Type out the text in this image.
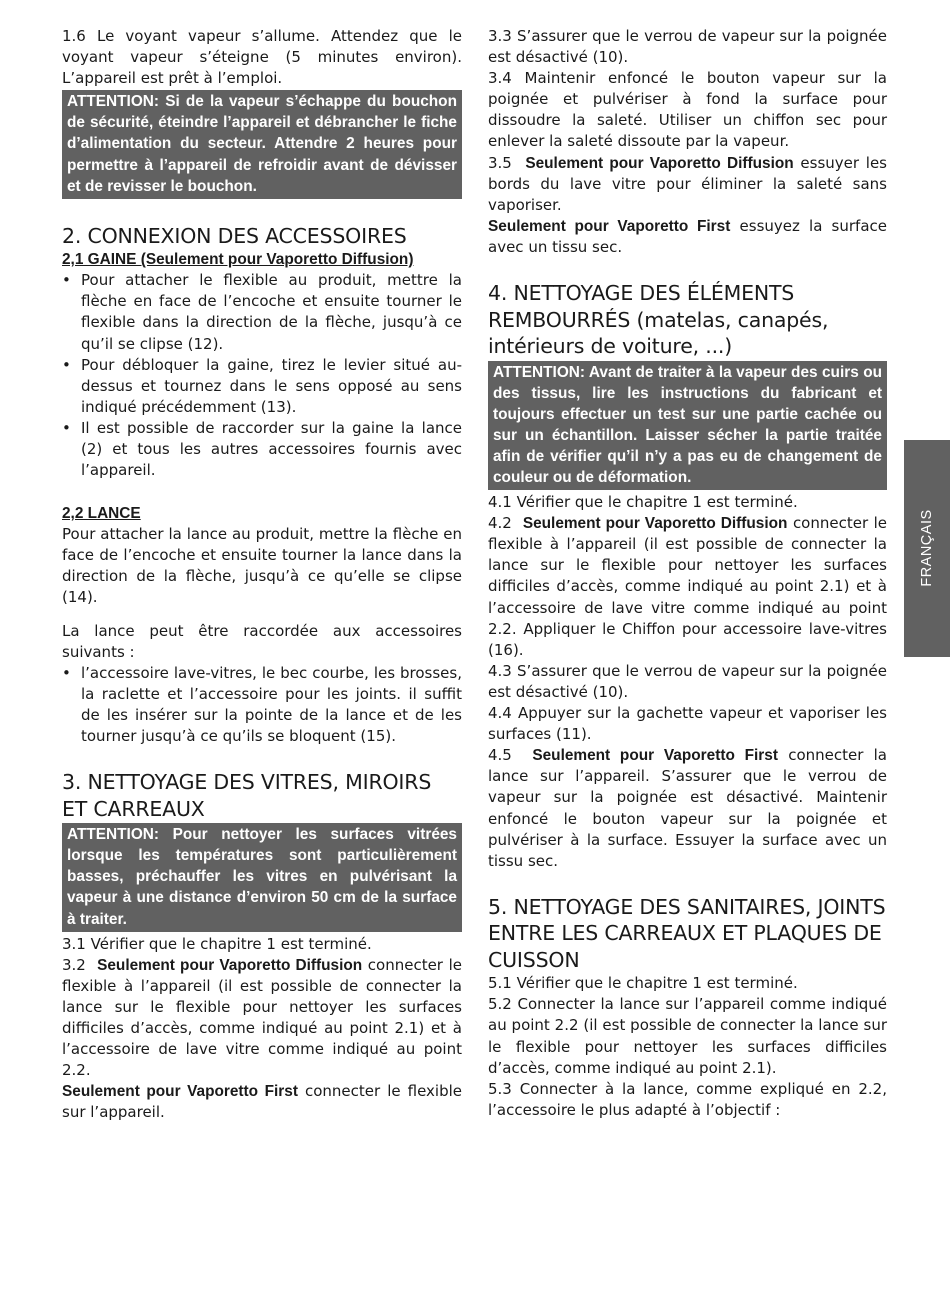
FRANÇAIS

1.6 Le voyant vapeur s’allume. Attendez que le voyant vapeur s’éteigne (5 minutes environ). L’appareil est prêt à l’emploi.

ATTENTION: Si de la vapeur s’échappe du bouchon de sécurité, éteindre l’appareil et débrancher le fiche d’alimentation du secteur. Attendre 2 heures pour permettre à l’appareil de refroidir avant de dévisser et de revisser le bouchon.
2. CONNEXION DES ACCESSOIRES
2,1 GAINE (Seulement pour Vaporetto Diffusion)
• Pour attacher le flexible au produit, mettre la flèche en face de l’encoche et ensuite tourner le flexible dans la direction de la flèche, jusqu’à ce qu’il se clipse (12).
• Pour débloquer la gaine, tirez le levier situé au-dessus et tournez dans le sens opposé au sens indiqué précédemment (13).
• Il est possible de raccorder sur la gaine la lance (2) et tous les autres accessoires fournis avec l’appareil.
2,2 LANCE

Pour attacher la lance au produit, mettre la flèche en face de l’encoche et ensuite tourner la lance dans la direction de la flèche, jusqu’à ce qu’elle se clipse (14).

La lance peut être raccordée aux accessoires suivants :

• l’accessoire lave-vitres, le bec courbe, les brosses, la raclette et l’accessoire pour les joints. il suffit de les insérer sur la pointe de la lance et de les tourner jusqu’à ce qu’ils se bloquent (15).
3. NETTOYAGE DES VITRES, MIROIRS ET CARREAUX
ATTENTION: Pour nettoyer les surfaces vitrées lorsque les températures sont particulièrement basses, préchauffer les vitres en pulvérisant la vapeur à une distance d’environ 50 cm de la surface à traiter.

3.1 Vérifier que le chapitre 1 est terminé.

3.2 Seulement pour Vaporetto Diffusion connecter le flexible à l’appareil (il est possible de connecter la lance sur le flexible pour nettoyer les surfaces difficiles d’accès, comme indiqué au point 2.1) et à l’accessoire de lave vitre comme indiqué au point 2.2.

Seulement pour Vaporetto First connecter le flexible sur l’appareil.

3.3 S’assurer que le verrou de vapeur sur la poignée est désactivé (10).

3.4 Maintenir enfoncé le bouton vapeur sur la poignée et pulvériser à fond la surface pour dissoudre la saleté. Utiliser un chiffon sec pour enlever la saleté dissoute par la vapeur.

3.5 Seulement pour Vaporetto Diffusion essuyer les bords du lave vitre pour éliminer la saleté sans vaporiser.

Seulement pour Vaporetto First essuyez la surface avec un tissu sec.

4. NETTOYAGE DES ÉLÉMENTS REMBOURRÉS (matelas, canapés, intérieurs de voiture, ...)
ATTENTION: Avant de traiter à la vapeur des cuirs ou des tissus, lire les instructions du fabricant et toujours effectuer un test sur une partie cachée ou sur un échantillon. Laisser sécher la partie traitée afin de vérifier qu’il n’y a pas eu de changement de couleur ou de déformation.

4.1 Vérifier que le chapitre 1 est terminé.

4.2 Seulement pour Vaporetto Diffusion connecter le flexible à l’appareil (il est possible de connecter la lance sur le flexible pour nettoyer les surfaces difficiles d’accès, comme indiqué au point 2.1) et à l’accessoire de lave vitre comme indiqué au point 2.2. Appliquer le Chiffon pour accessoire lave-vitres (16).

4.3 S’assurer que le verrou de vapeur sur la poignée est désactivé (10).

4.4 Appuyer sur la gachette vapeur et vaporiser les surfaces (11).

4.5 Seulement pour Vaporetto First connecter la lance sur l’appareil. S’assurer que le verrou de vapeur sur la poignée est désactivé. Maintenir enfoncé le bouton vapeur sur la poignée et pulvériser à la surface. Essuyer la surface avec un tissu sec.

5. NETTOYAGE DES SANITAIRES, JOINTS ENTRE LES CARREAUX ET PLAQUES DE CUISSON

5.1 Vérifier que le chapitre 1 est terminé.

5.2 Connecter la lance sur l’appareil comme indiqué au point 2.2 (il est possible de connecter la lance sur le flexible pour nettoyer les surfaces difficiles d’accès, comme indiqué au point 2.1).

5.3 Connecter à la lance, comme expliqué en 2.2, l’accessoire le plus adapté à l’objectif :
